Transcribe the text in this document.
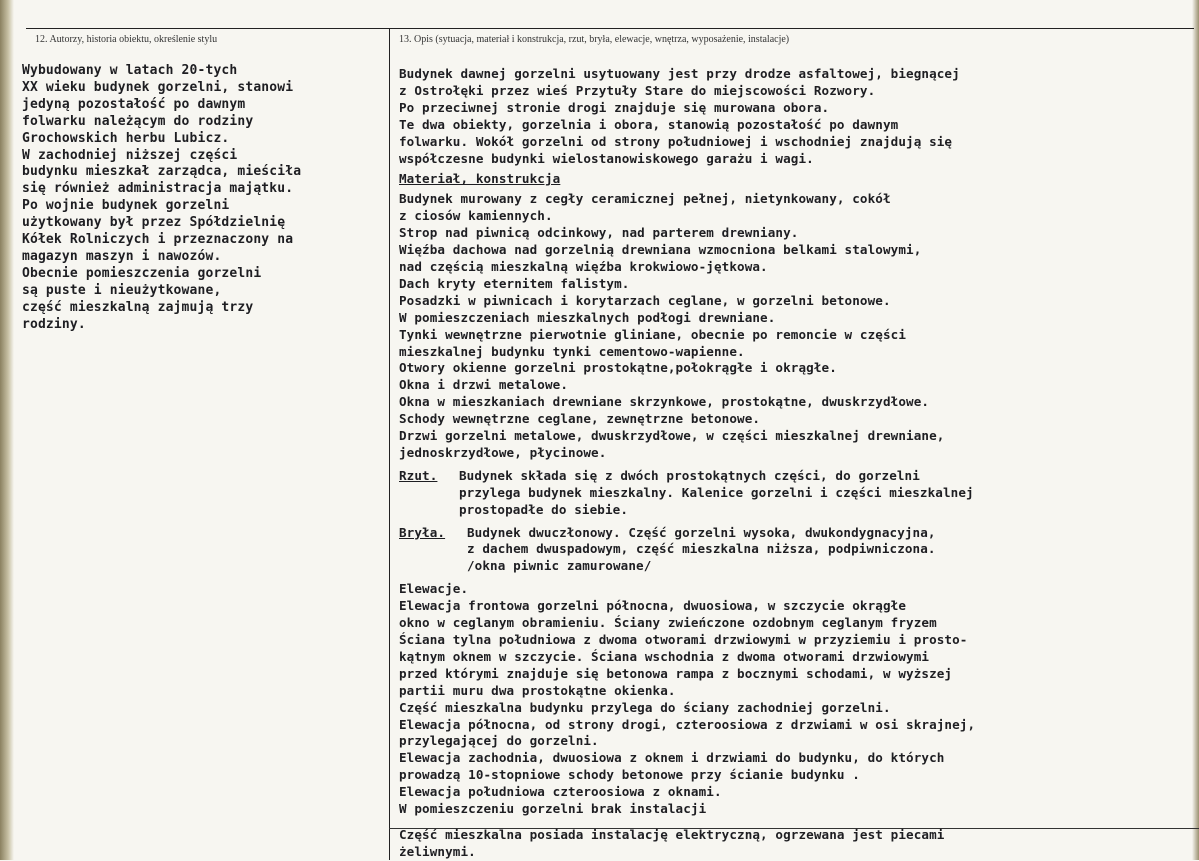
12. Autorzy, historia obiektu, określenie stylu	13. Opis (sytuacja, materiał i konstrukcja, rzut, bryła, elewacje, wnętrza, wyposażenie, instalacje)
Wybudowany w latach 20-tych
XX wieku budynek gorzelni, stanowi
jedyną pozostałość po dawnym
folwarku należącym do rodziny
Grochowskich herbu Lubicz.
W zachodniej niższej części
budynku mieszkał zarządca, mieściła
się również administracja majątku.
Po wojnie budynek gorzelni
użytkowany był przez Spółdzielnię
Kółek Rolniczych i przeznaczony na
magazyn maszyn i nawozów.
Obecnie pomieszczenia gorzelni
są puste i nieużytkowane,
część mieszkalną zajmują trzy
rodziny.
Budynek dawnej gorzelni usytuowany jest przy drodze asfaltowej, biegnącej
z Ostrołęki przez wieś Przytuły Stare do miejscowości Rozwory.
Po przeciwnej stronie drogi znajduje się murowana obora.
Te dwa obiekty, gorzelnia i obora, stanowią pozostałość po dawnym
folwarku. Wokół gorzelni od strony południowej i wschodniej znajdują się
współczesne budynki wielostanowiskowego garażu i wagi.
Materiał, konstrukcja
Budynek murowany z cegły ceramicznej pełnej, nietynkowany, cokół
z ciosów kamiennych.
Strop nad piwnicą odcinkowy, nad parterem drewniany.
Więźba dachowa nad gorzelnią drewniana wzmocniona belkami stalowymi,
nad częścią mieszkalną więźba krokwiowo-jętkowa.
Dach kryty eternitem falistym.
Posadzki w piwnicach i korytarzach ceglane, w gorzelni betonowe.
W pomieszczeniach mieszkalnych podłogi drewniane.
Tynki wewnętrzne pierwotnie gliniane, obecnie po remoncie w części
mieszkalnej budynku tynki cementowo-wapienne.
Otwory okienne gorzelni prostokątne,połokrągłe i okrągłe.
Okna i drzwi metalowe.
Okna w mieszkaniach drewniane skrzynkowe, prostokątne, dwuskrzydłowe.
Schody wewnętrzne ceglane, zewnętrzne betonowe.
Drzwi gorzelni metalowe, dwuskrzydłowe, w części mieszkalnej drewniane,
jednoskrzydłowe, płycinowe.
Rzut.	Budynek składa się z dwóch prostokątnych części, do gorzelni
przylega budynek mieszkalny. Kalenice gorzelni i części mieszkalnej
prostopadłe do siebie.
Bryła.	Budynek dwuczłonowy. Część gorzelni wysoka, dwukondygnacyjna,
z dachem dwuspadowym, część mieszkalna niższa, podpiwniczona.
/okna piwnic zamurowane/
Elewacje.
Elewacja frontowa gorzelni północna, dwuosiowa, w szczycie okrągłe
okno w ceglanym obramieniu. Ściany zwieńczone ozdobnym ceglanym fryzem
Ściana tylna południowa z dwoma otworami drzwiowymi w przyziemiu i prosto-
kątnym oknem w szczycie. Ściana wschodnia z dwoma otworami drzwiowymi
przed którymi znajduje się betonowa rampa z bocznymi schodami, w wyższej
partii muru dwa prostokątne okienka.
Część mieszkalna budynku przylega do ściany zachodniej gorzelni.
Elewacja północna, od strony drogi, czteroosiowa z drzwiami w osi skrajnej,
przylegającej do gorzelni.
Elewacja zachodnia, dwuosiowa z oknem i drzwiami do budynku, do których
prowadzą 10-stopniowe schody betonowe przy ścianie budynku .
Elewacja południowa czteroosiowa z oknami.
W pomieszczeniu gorzelni brak instalacji
Część mieszkalna posiada instalację elektryczną, ogrzewana jest piecami
żeliwnymi.
